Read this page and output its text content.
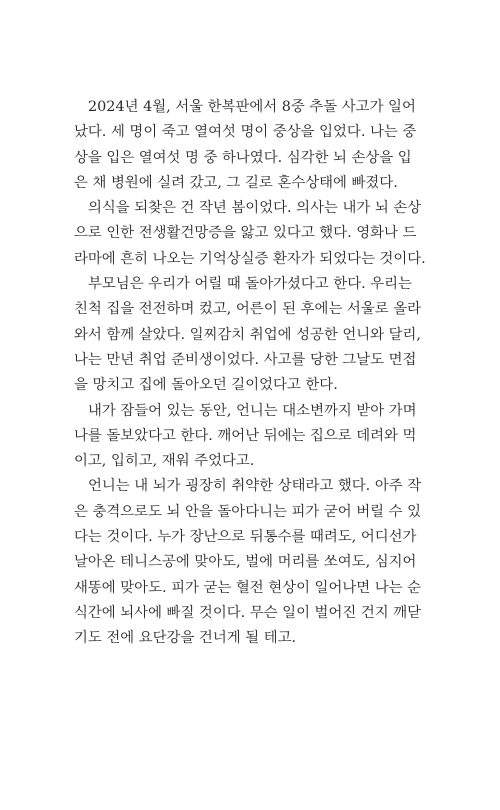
2024년 4월, 서울 한복판에서 8중 추돌 사고가 일어
났다. 세 명이 죽고 열여섯 명이 중상을 입었다. 나는 중
상을 입은 열여섯 명 중 하나였다. 심각한 뇌 손상을 입
은 채 병원에 실려 갔고, 그 길로 혼수상태에 빠졌다.
의식을 되찾은 건 작년 봄이었다. 의사는 내가 뇌 손상
으로 인한 전생활건망증을 앓고 있다고 했다. 영화나 드
라마에 흔히 나오는 기억상실증 환자가 되었다는 것이다.
부모님은 우리가 어릴 때 돌아가셨다고 한다. 우리는
친척 집을 전전하며 컸고, 어른이 된 후에는 서울로 올라
와서 함께 살았다. 일찌감치 취업에 성공한 언니와 달리,
나는 만년 취업 준비생이었다. 사고를 당한 그날도 면접
을 망치고 집에 돌아오던 길이었다고 한다.
내가 잠들어 있는 동안, 언니는 대소변까지 받아 가며
나를 돌보았다고 한다. 깨어난 뒤에는 집으로 데려와 먹
이고, 입히고, 재워 주었다고.
언니는 내 뇌가 굉장히 취약한 상태라고 했다. 아주 작
은 충격으로도 뇌 안을 돌아다니는 피가 굳어 버릴 수 있
다는 것이다. 누가 장난으로 뒤통수를 때려도, 어디선가
날아온 테니스공에 맞아도, 벌에 머리를 쏘여도, 심지어
새똥에 맞아도. 피가 굳는 혈전 현상이 일어나면 나는 순
식간에 뇌사에 빠질 것이다. 무슨 일이 벌어진 건지 깨닫
기도 전에 요단강을 건너게 될 테고.
